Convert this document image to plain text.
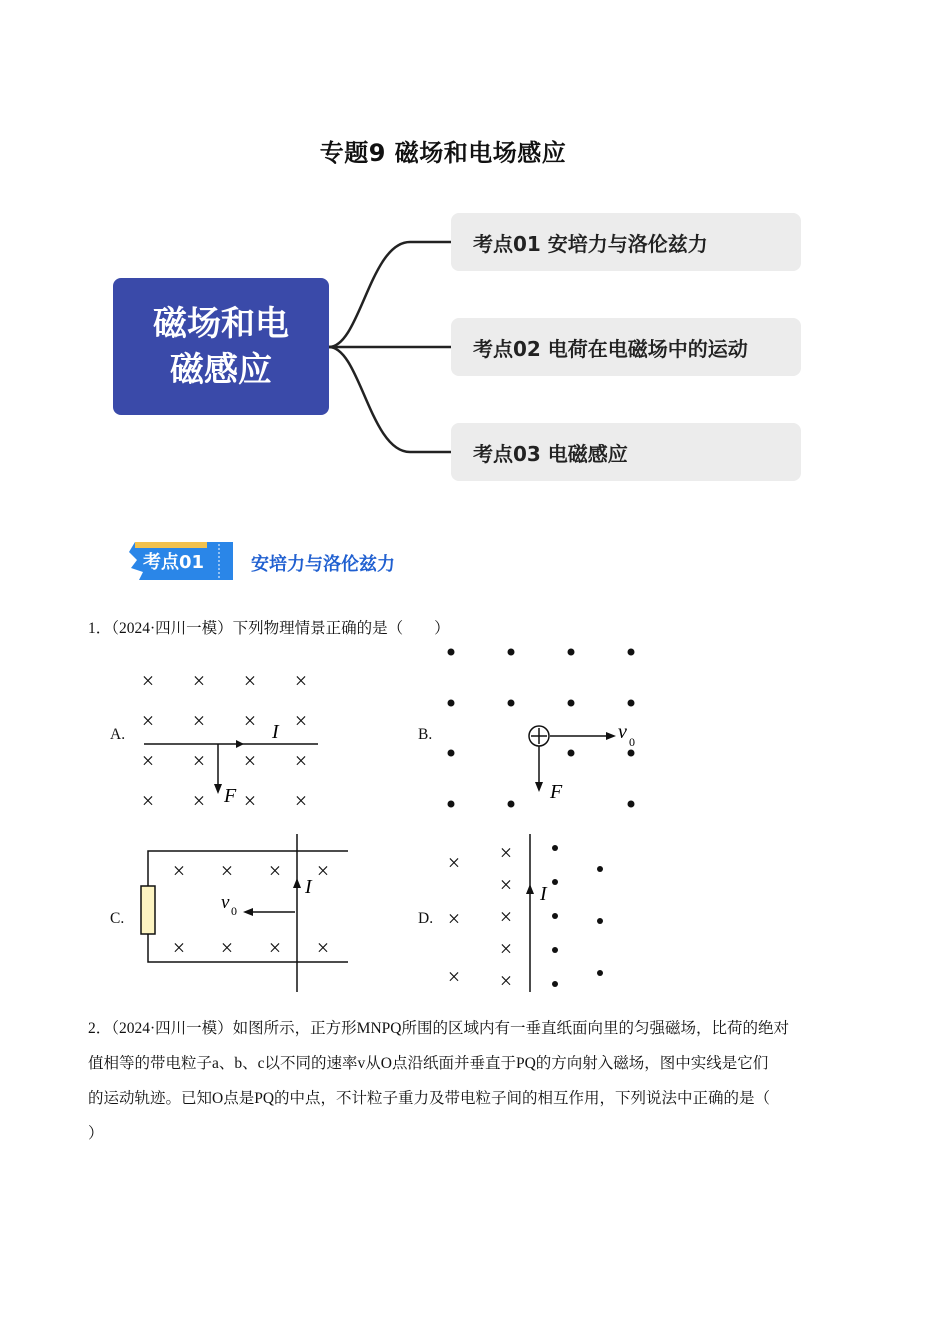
专题9 磁场和电场感应
磁场和电
磁感应
考点01 安培力与洛伦兹力
考点02 电荷在电磁场中的运动
考点03 电磁感应
考点01	安培力与洛伦兹力
1．（2024·四川一模）下列物理情景正确的是（　　）
A.
× × × ×
× × × ×
× × × ×
× × × ×
I
F
B.	v 0
F
C.
I
× × × ×
× × × ×
v 0	D.
×
×
×
×
×
×
×
×
I
2．（2024·四川一模）如图所示，正方形MNPQ所围的区域内有一垂直纸面向里的匀强磁场，比荷的绝对
值相等的带电粒子a、b、c以不同的速率v从O点沿纸面并垂直于PQ的方向射入磁场，图中实线是它们
的运动轨迹。已知O点是PQ的中点，不计粒子重力及带电粒子间的相互作用，下列说法中正确的是（
）
